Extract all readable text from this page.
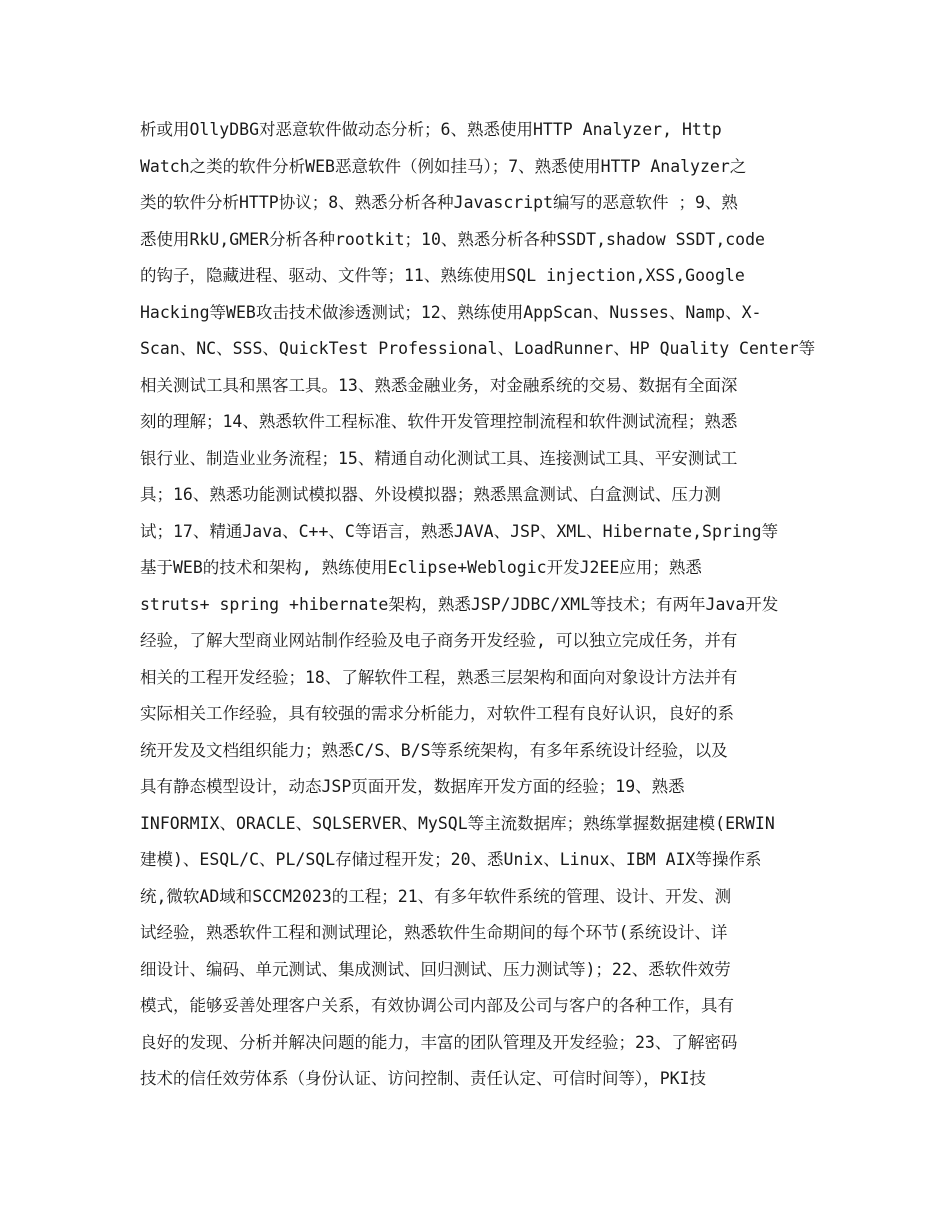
析或用OllyDBG对恶意软件做动态分析；6、熟悉使用HTTP Analyzer, Http
Watch之类的软件分析WEB恶意软件（例如挂马）；7、熟悉使用HTTP Analyzer之
类的软件分析HTTP协议；8、熟悉分析各种Javascript编写的恶意软件 ；9、熟
悉使用RkU,GMER分析各种rootkit；10、熟悉分析各种SSDT,shadow SSDT,code
的钩子，隐藏进程、驱动、文件等；11、熟练使用SQL injection,XSS,Google
Hacking等WEB攻击技术做渗透测试；12、熟练使用AppScan、Nusses、Namp、X-
Scan、NC、SSS、QuickTest Professional、LoadRunner、HP Quality Center等
相关测试工具和黑客工具。13、熟悉金融业务，对金融系统的交易、数据有全面深
刻的理解；14、熟悉软件工程标准、软件开发管理控制流程和软件测试流程；熟悉
银行业、制造业业务流程；15、精通自动化测试工具、连接测试工具、平安测试工
具；16、熟悉功能测试模拟器、外设模拟器；熟悉黑盒测试、白盒测试、压力测
试；17、精通Java、C++、C等语言，熟悉JAVA、JSP、XML、Hibernate,Spring等
基于WEB的技术和架构, 熟练使用Eclipse+Weblogic开发J2EE应用；熟悉
struts+ spring +hibernate架构，熟悉JSP/JDBC/XML等技术；有两年Java开发
经验，了解大型商业网站制作经验及电子商务开发经验, 可以独立完成任务，并有
相关的工程开发经验；18、了解软件工程，熟悉三层架构和面向对象设计方法并有
实际相关工作经验，具有较强的需求分析能力，对软件工程有良好认识，良好的系
统开发及文档组织能力；熟悉C/S、B/S等系统架构，有多年系统设计经验，以及
具有静态模型设计，动态JSP页面开发，数据库开发方面的经验；19、熟悉
INFORMIX、ORACLE、SQLSERVER、MySQL等主流数据库；熟练掌握数据建模(ERWIN
建模)、ESQL/C、PL/SQL存储过程开发；20、悉Unix、Linux、IBM AIX等操作系
统,微软AD域和SCCM2023的工程；21、有多年软件系统的管理、设计、开发、测
试经验，熟悉软件工程和测试理论，熟悉软件生命期间的每个环节(系统设计、详
细设计、编码、单元测试、集成测试、回归测试、压力测试等)；22、悉软件效劳
模式，能够妥善处理客户关系，有效协调公司内部及公司与客户的各种工作，具有
良好的发现、分析并解决问题的能力，丰富的团队管理及开发经验；23、了解密码
技术的信任效劳体系（身份认证、访问控制、责任认定、可信时间等），PKI技
